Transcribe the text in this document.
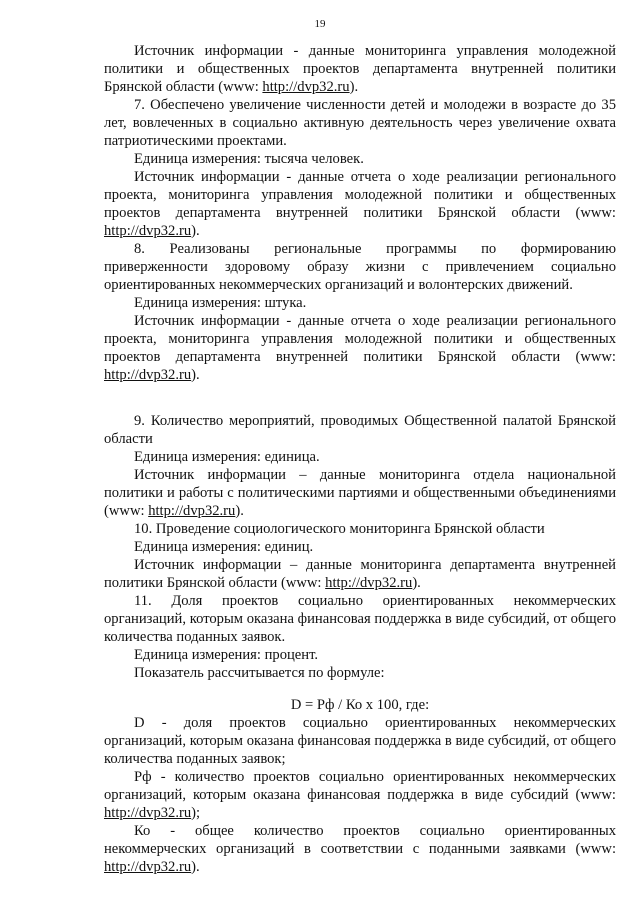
19

Источник информации - данные мониторинга управления молодежной политики и общественных проектов департамента внутренней политики Брянской области (www: http://dvp32.ru).

7. Обеспечено увеличение численности детей и молодежи в возрасте до 35 лет, вовлеченных в социально активную деятельность через увеличение охвата патриотическими проектами.

Единица измерения: тысяча человек.

Источник информации - данные отчета о ходе реализации регионального проекта, мониторинга управления молодежной политики и общественных проектов департамента внутренней политики Брянской области (www: http://dvp32.ru).

8. Реализованы региональные программы по формированию приверженности здоровому образу жизни с привлечением социально ориентированных некоммерческих организаций и волонтерских движений.

Единица измерения: штука.

Источник информации - данные отчета о ходе реализации регионального проекта, мониторинга управления молодежной политики и общественных проектов департамента внутренней политики Брянской области (www: http://dvp32.ru).

9. Количество мероприятий, проводимых Общественной палатой Брянской области

Единица измерения: единица.

Источник информации – данные мониторинга отдела национальной политики и работы с политическими партиями и общественными объединениями (www: http://dvp32.ru).

10. Проведение социологического мониторинга Брянской области

Единица измерения: единиц.

Источник информации – данные мониторинга департамента внутренней политики Брянской области (www: http://dvp32.ru).

11. Доля проектов социально ориентированных некоммерческих организаций, которым оказана финансовая поддержка в виде субсидий, от общего количества поданных заявок.

Единица измерения: процент.

Показатель рассчитывается по формуле:

D = Рф / Ко х 100, где:

D - доля проектов социально ориентированных некоммерческих организаций, которым оказана финансовая поддержка в виде субсидий, от общего количества поданных заявок;

Рф - количество проектов социально ориентированных некоммерческих организаций, которым оказана финансовая поддержка в виде субсидий (www: http://dvp32.ru);

Ко - общее количество проектов социально ориентированных некоммерческих организаций в соответствии с поданными заявками (www: http://dvp32.ru).
